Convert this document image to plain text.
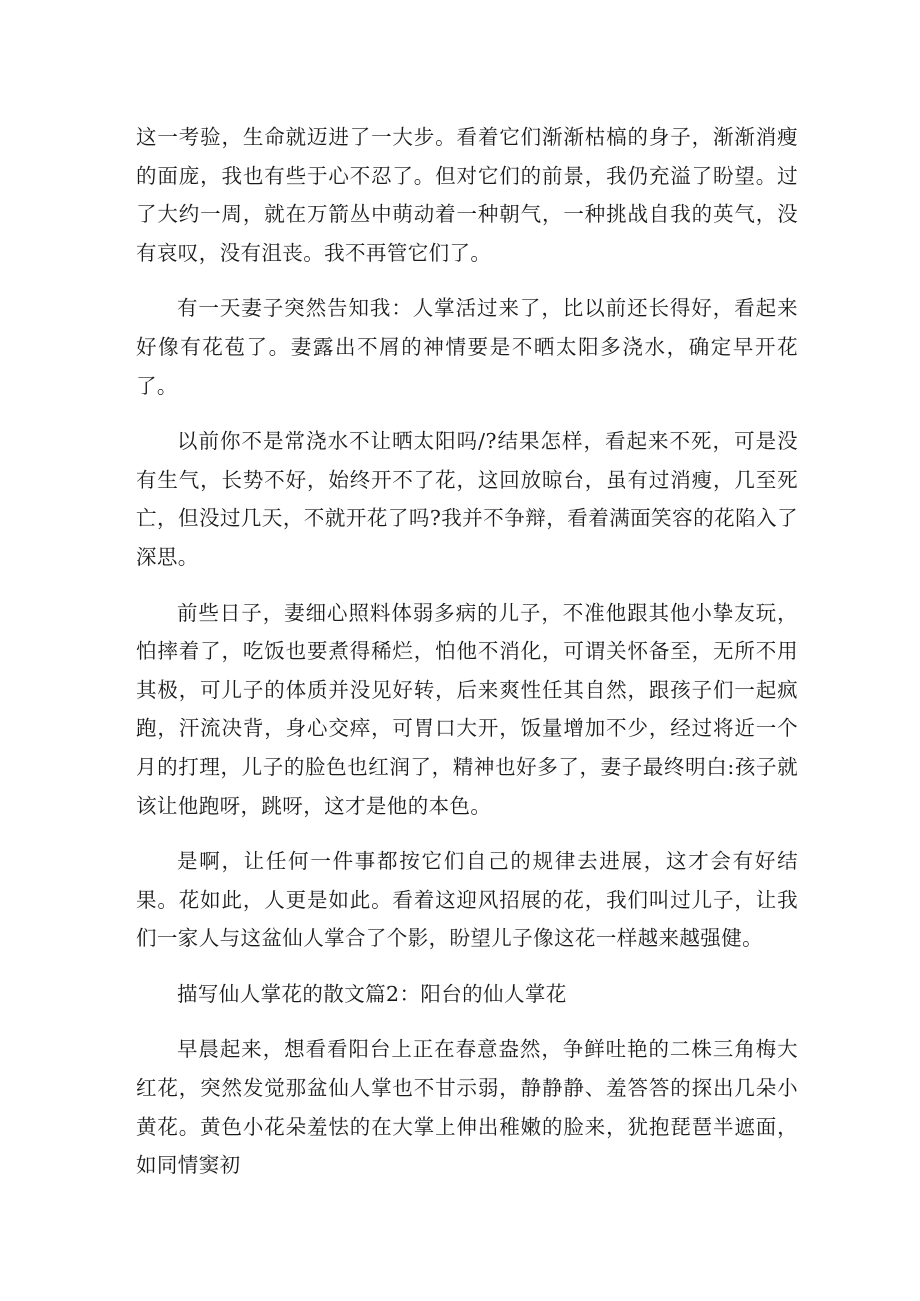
这一考验，生命就迈进了一大步。看着它们渐渐枯槁的身子，渐渐消瘦的面庞，我也有些于心不忍了。但对它们的前景，我仍充溢了盼望。过了大约一周，就在万箭丛中萌动着一种朝气，一种挑战自我的英气，没有哀叹，没有沮丧。我不再管它们了。

有一天妻子突然告知我：人掌活过来了，比以前还长得好，看起来好像有花苞了。妻露出不屑的神情要是不晒太阳多浇水，确定早开花了。

以前你不是常浇水不让晒太阳吗/?结果怎样，看起来不死，可是没有生气，长势不好，始终开不了花，这回放晾台，虽有过消瘦，几至死亡，但没过几天，不就开花了吗?我并不争辩，看着满面笑容的花陷入了深思。

前些日子，妻细心照料体弱多病的儿子，不准他跟其他小挚友玩，怕摔着了，吃饭也要煮得稀烂，怕他不消化，可谓关怀备至，无所不用其极，可儿子的体质并没见好转，后来爽性任其自然，跟孩子们一起疯跑，汗流决背，身心交瘁，可胃口大开，饭量增加不少，经过将近一个月的打理，儿子的脸色也红润了，精神也好多了，妻子最终明白:孩子就该让他跑呀，跳呀，这才是他的本色。

是啊，让任何一件事都按它们自己的规律去进展，这才会有好结果。花如此，人更是如此。看着这迎风招展的花，我们叫过儿子，让我们一家人与这盆仙人掌合了个影，盼望儿子像这花一样越来越强健。

描写仙人掌花的散文篇2：阳台的仙人掌花

早晨起来，想看看阳台上正在春意盎然，争鲜吐艳的二株三角梅大红花，突然发觉那盆仙人掌也不甘示弱，静静静、羞答答的探出几朵小黄花。黄色小花朵羞怯的在大掌上伸出稚嫩的脸来，犹抱琵琶半遮面，如同情窦初
